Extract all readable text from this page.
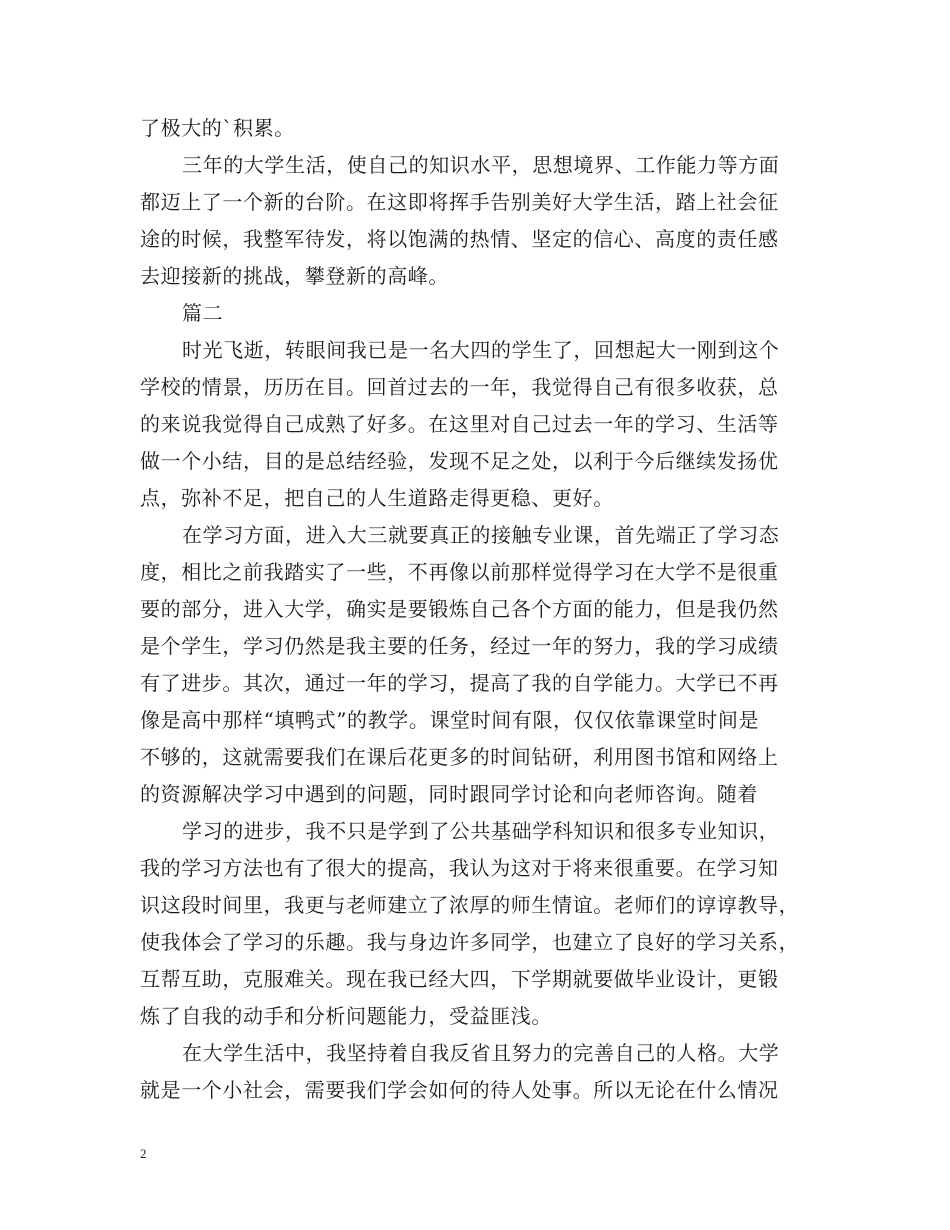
了极大的`积累。
三年的大学生活，使自己的知识水平，思想境界、工作能力等方面
都迈上了一个新的台阶。在这即将挥手告别美好大学生活，踏上社会征
途的时候，我整军待发，将以饱满的热情、坚定的信心、高度的责任感
去迎接新的挑战，攀登新的高峰。
篇二
时光飞逝，转眼间我已是一名大四的学生了，回想起大一刚到这个
学校的情景，历历在目。回首过去的一年，我觉得自己有很多收获，总
的来说我觉得自己成熟了好多。在这里对自己过去一年的学习、生活等
做一个小结，目的是总结经验，发现不足之处，以利于今后继续发扬优
点，弥补不足，把自己的人生道路走得更稳、更好。
在学习方面，进入大三就要真正的接触专业课，首先端正了学习态
度，相比之前我踏实了一些，不再像以前那样觉得学习在大学不是很重
要的部分，进入大学，确实是要锻炼自己各个方面的能力，但是我仍然
是个学生，学习仍然是我主要的任务，经过一年的努力，我的学习成绩
有了进步。其次，通过一年的学习，提高了我的自学能力。大学已不再
像是高中那样“填鸭式”的教学。课堂时间有限，仅仅依靠课堂时间是
不够的，这就需要我们在课后花更多的时间钻研，利用图书馆和网络上
的资源解决学习中遇到的问题，同时跟同学讨论和向老师咨询。随着
学习的进步，我不只是学到了公共基础学科知识和很多专业知识，
我的学习方法也有了很大的提高，我认为这对于将来很重要。在学习知
识这段时间里，我更与老师建立了浓厚的师生情谊。老师们的谆谆教导，
使我体会了学习的乐趣。我与身边许多同学，也建立了良好的学习关系，
互帮互助，克服难关。现在我已经大四，下学期就要做毕业设计，更锻
炼了自我的动手和分析问题能力，受益匪浅。
在大学生活中，我坚持着自我反省且努力的完善自己的人格。大学
就是一个小社会，需要我们学会如何的待人处事。所以无论在什么情况
2
